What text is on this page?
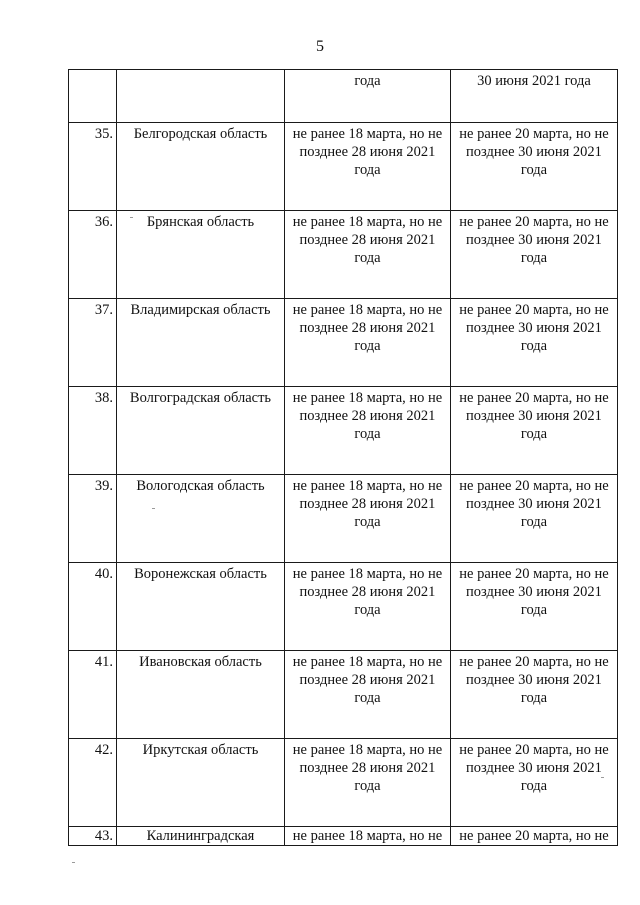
5
		года	30 июня 2021 года
35.	Белгородская область	не ранее 18 марта, но не позднее 28 июня 2021 года	не ранее 20 марта, но не позднее 30 июня 2021 года
36.	Брянская область	не ранее 18 марта, но не позднее 28 июня 2021 года	не ранее 20 марта, но не позднее 30 июня 2021 года
37.	Владимирская область	не ранее 18 марта, но не позднее 28 июня 2021 года	не ранее 20 марта, но не позднее 30 июня 2021 года
38.	Волгоградская область	не ранее 18 марта, но не позднее 28 июня 2021 года	не ранее 20 марта, но не позднее 30 июня 2021 года
39.	Вологодская область	не ранее 18 марта, но не позднее 28 июня 2021 года	не ранее 20 марта, но не позднее 30 июня 2021 года
40.	Воронежская область	не ранее 18 марта, но не позднее 28 июня 2021 года	не ранее 20 марта, но не позднее 30 июня 2021 года
41.	Ивановская область	не ранее 18 марта, но не позднее 28 июня 2021 года	не ранее 20 марта, но не позднее 30 июня 2021 года
42.	Иркутская область	не ранее 18 марта, но не позднее 28 июня 2021 года	не ранее 20 марта, но не позднее 30 июня 2021 года
43.	Калининградская	не ранее 18 марта, но не	не ранее 20 марта, но не
